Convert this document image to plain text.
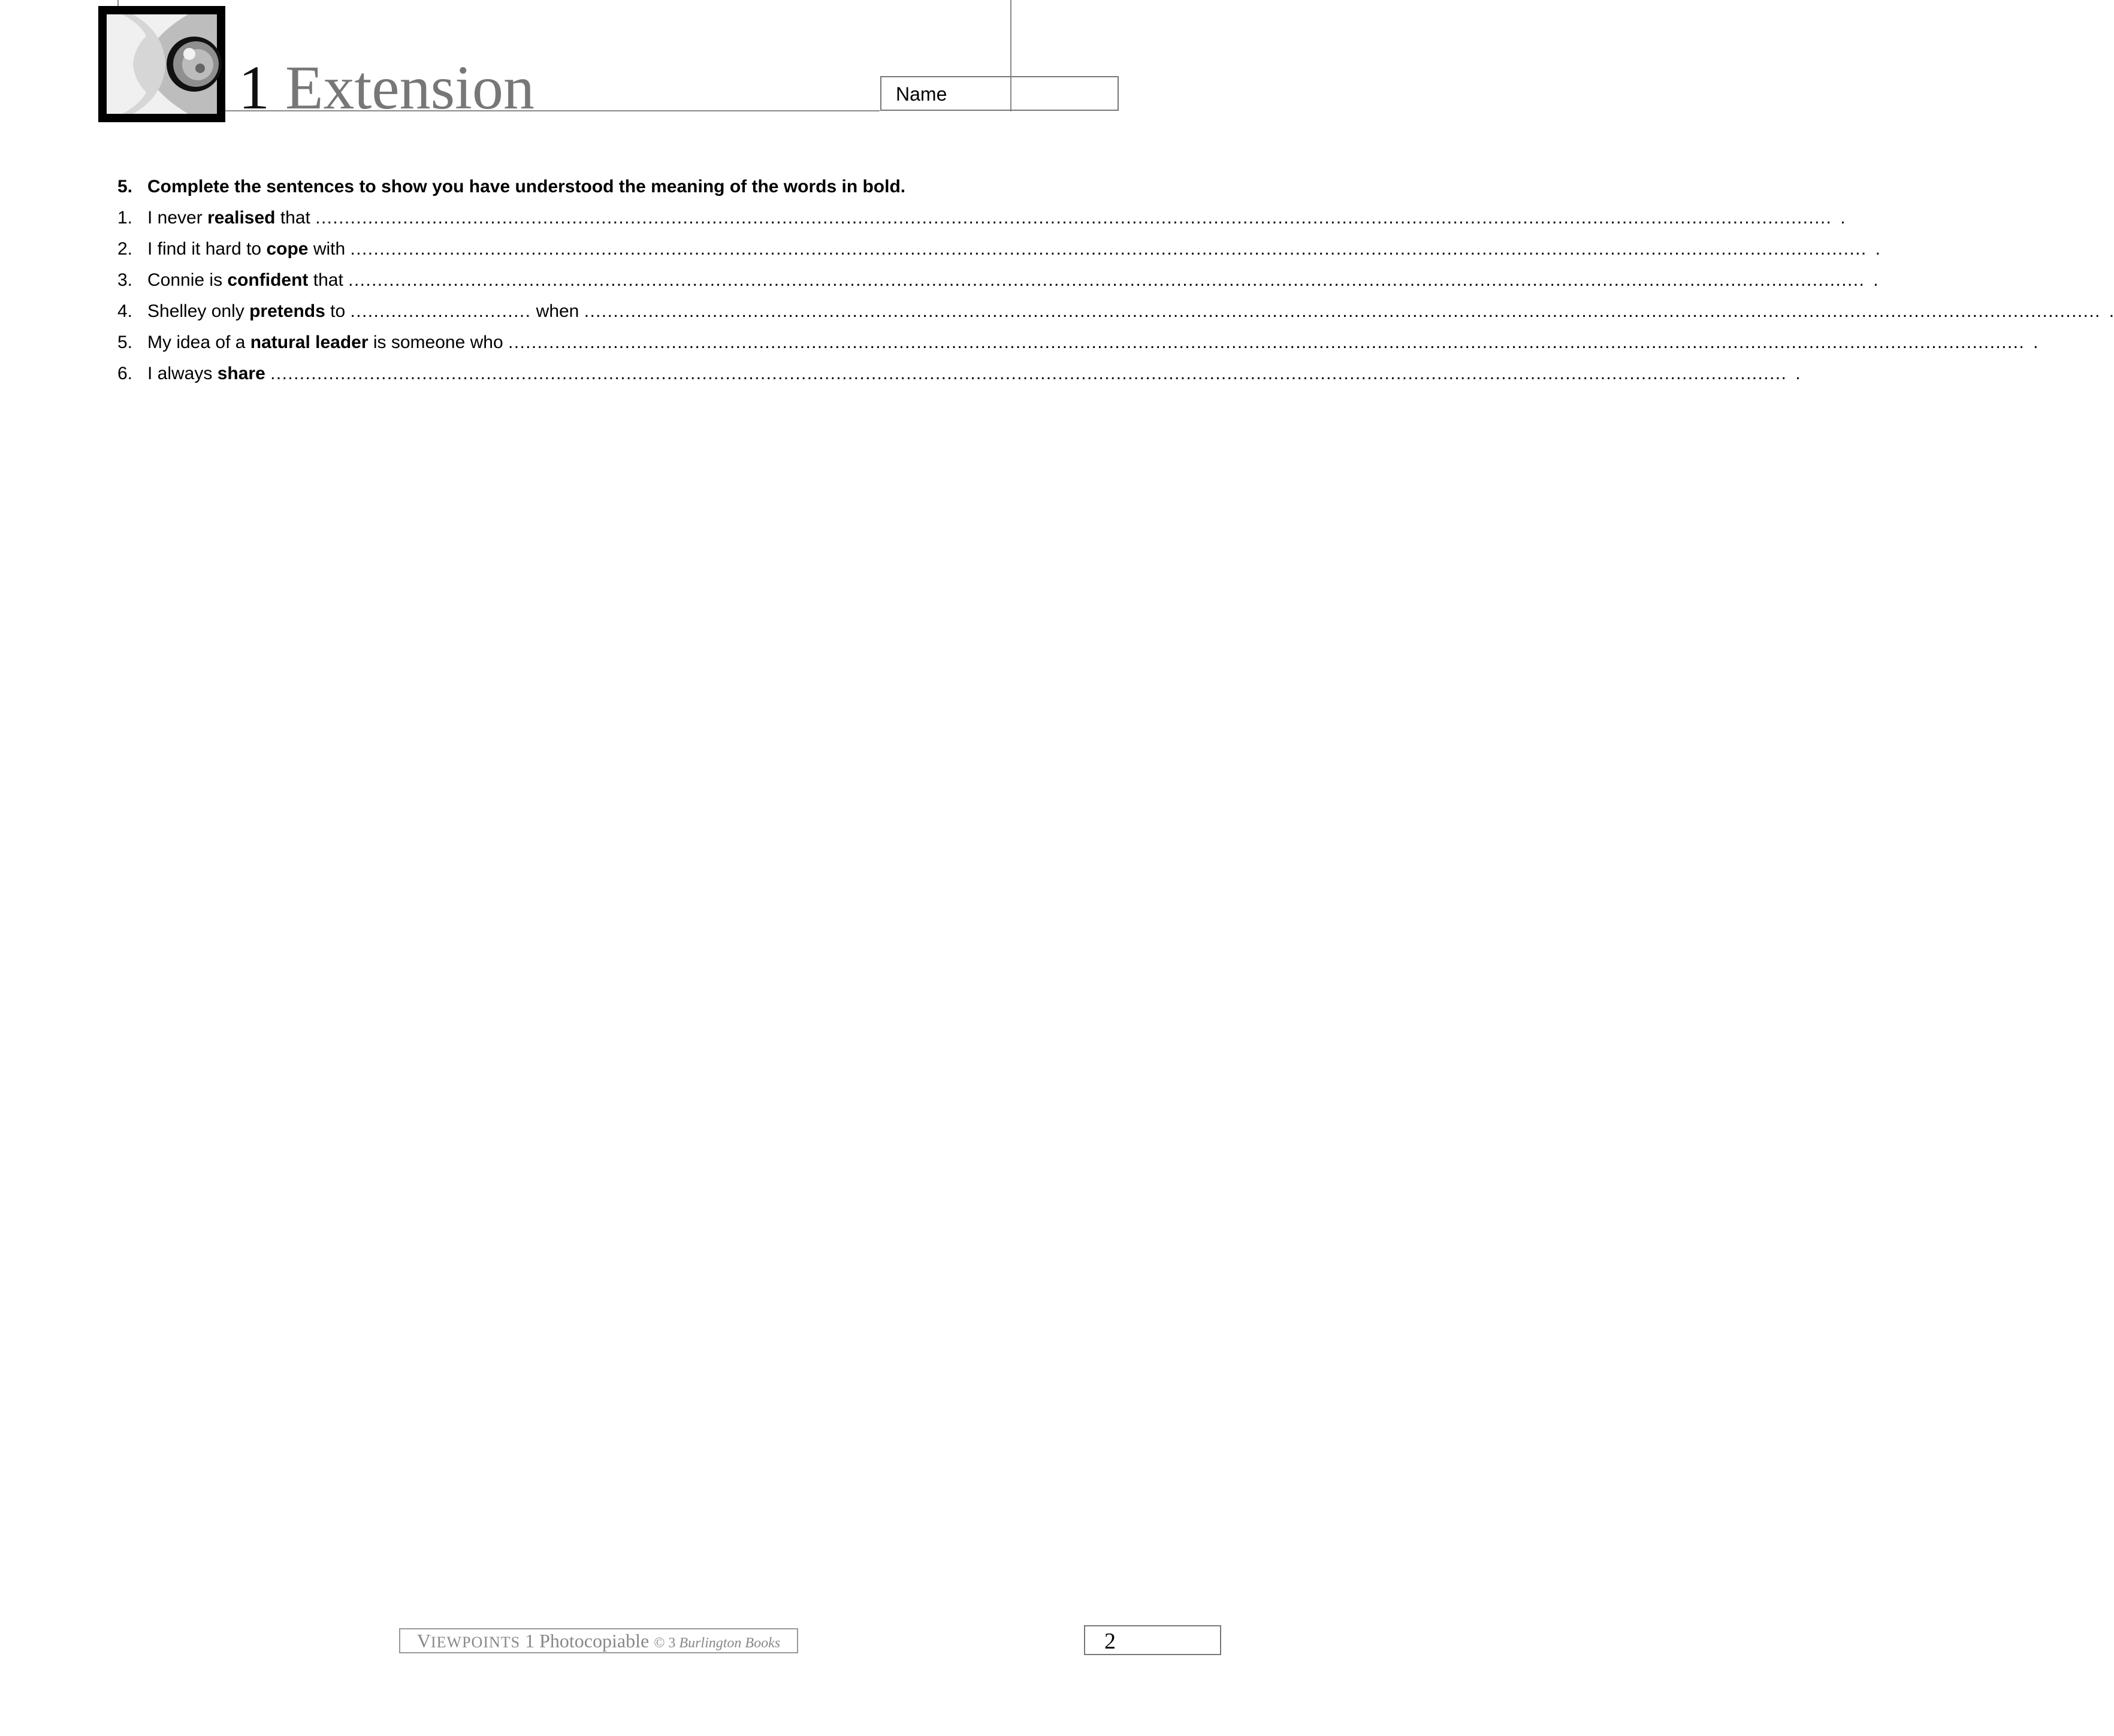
1 Extension	Name
5. Complete the sentences to show you have understood the meaning of the words in bold.
1. I never realised that .................................................................................................................................................................................................................................................................... .
2. I find it hard to cope with .................................................................................................................................................................................................................................................................... .
3. Connie is confident that .................................................................................................................................................................................................................................................................... .
4. Shelley only pretends to ............................... when .................................................................................................................................................................................................................................................................... .
5. My idea of a natural leader is someone who .................................................................................................................................................................................................................................................................... .
6. I always share
.................................................................................................................................................................................................................................................................... .
VIEWPOINTS 1 Photocopiable © 3 Burlington Books	2
